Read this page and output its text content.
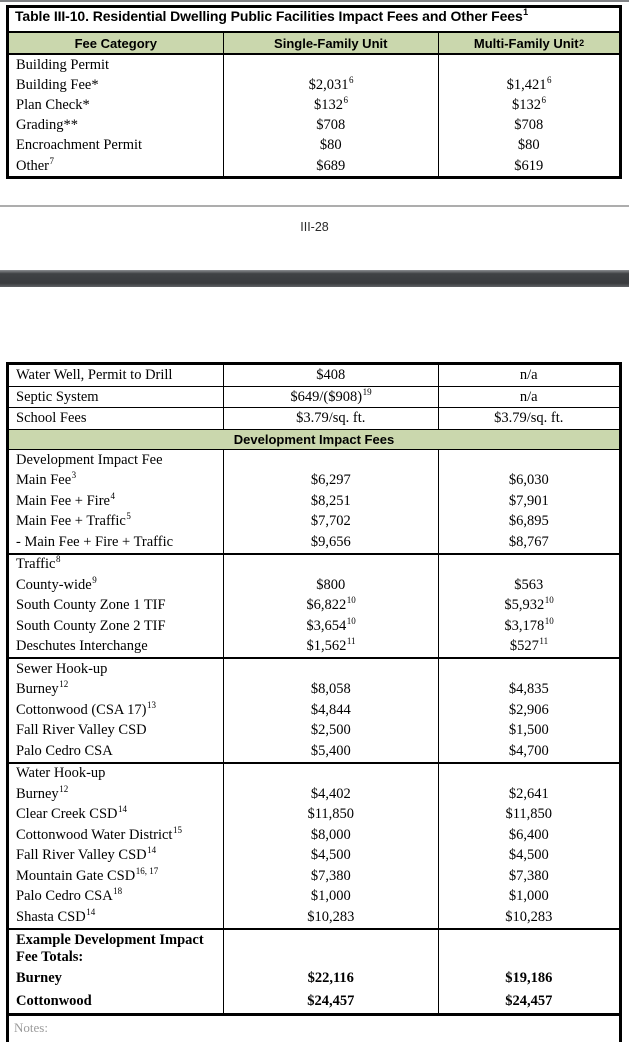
Table III-10. Residential Dwelling Public Facilities Impact Fees and Other Fees$^1$
Fee Category	Single-Family Unit	Multi-Family Unit 2
Building Permit
Building Fee*	$2,031$^6$	$1,421$^6$
Plan Check*	$\$132^6$	$\$132^6$
Grading**	$708	$708
Encroachment Permit	$80	$80
Other$^7$	$689	$619
III-28
Water Well, Permit to Drill	$408	n/a
Septic System	$649/($908)$^{19}$	n/a
School Fees	$3.79/sq. ft.	$3.79/sq. ft.
Development Impact Fees
Development Impact Fee
Main Fee$^3$	$6,297	$6,030
Main Fee + Fire$^4$	$8,251	$7,901
Main Fee + Traffic$^5$	$7,702	$6,895
- Main Fee + Fire + Traffic	$9,656	$8,767
Traffic$^8$
County-wide$^9$	$800	$563
South County Zone 1 TIF	$6,822$^{10}$	$5,932$^{10}$
South County Zone 2 TIF	$3,654$^{10}$	$3,178$^{10}$
Deschutes Interchange	$1,562$^{11}$	$\$527^{11}$
Sewer Hook-up
Burney$^{12}$	$8,058	$4,835
Cottonwood (CSA 17)$^{13}$	$4,844	$2,906
Fall River Valley CSD	$2,500	$1,500
Palo Cedro CSA	$5,400	$4,700
Water Hook-up
Burney$^{12}$	$4,402	$2,641
Clear Creek CSD$^{14}$	$11,850	$11,850
Cottonwood Water District$^{15}$	$8,000	$6,400
Fall River Valley CSD$^{14}$	$4,500	$4,500
Mountain Gate CSD$^{16, 17}$	$7,380	$7,380
Palo Cedro CSA$^{18}$	$1,000	$1,000
Shasta CSD$^{14}$	$10,283	$10,283
Example Development Impact Fee Totals:
Burney	$22,116	$19,186
Cottonwood	$24,457	$24,457
Notes:
